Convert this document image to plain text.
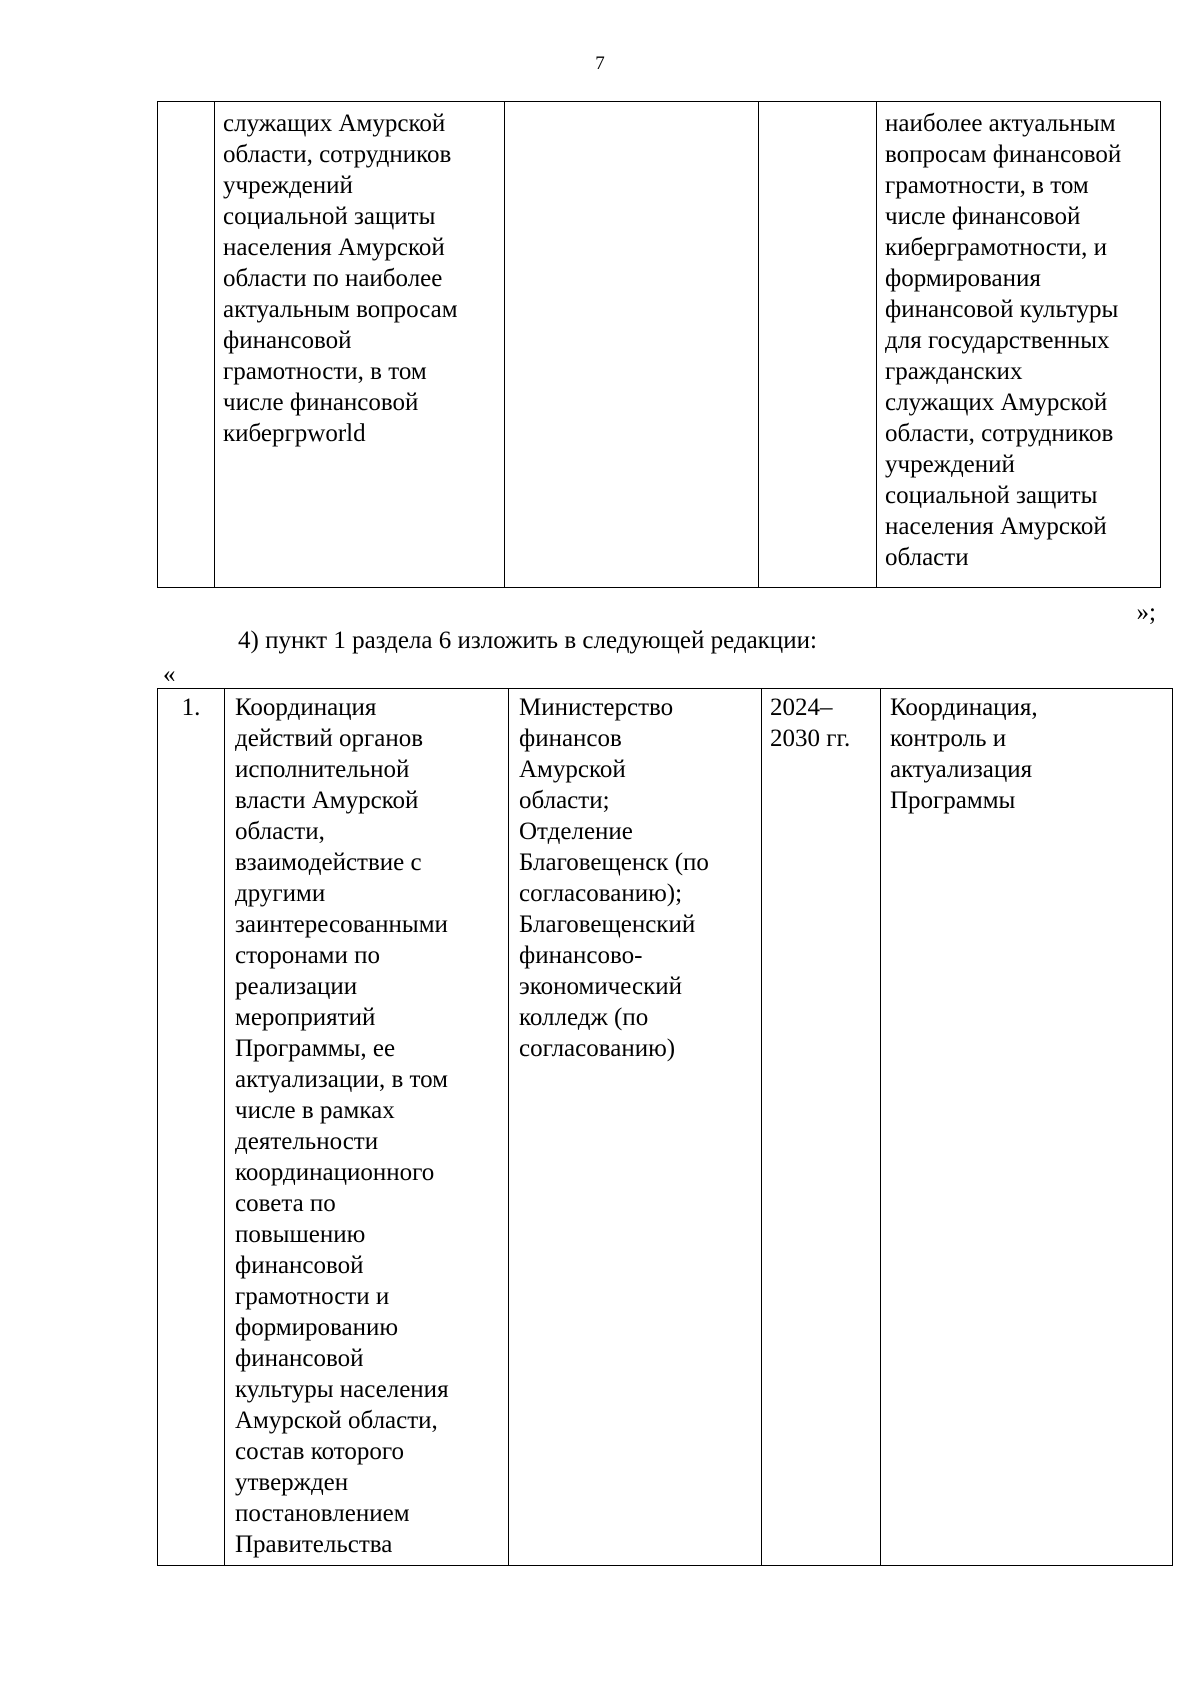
7
	служащих Амурской
области, сотрудников
учреждений
социальной защиты
населения Амурской
области по наиболее
актуальным вопросам
финансовой
грамотности, в том
числе финансовой
кибергрworld			наиболее актуальным
вопросам финансовой
грамотности, в том
числе финансовой
киберграмотности, и
формирования
финансовой культуры
для государственных
гражданских
служащих Амурской
области, сотрудников
учреждений
социальной защиты
населения Амурской
области
»;
4) пункт 1 раздела 6 изложить в следующей редакции:
«
1.	Координация
действий органов
исполнительной
власти Амурской
области,
взаимодействие с
другими
заинтересованными
сторонами по
реализации
мероприятий
Программы, ее
актуализации, в том
числе в рамках
деятельности
координационного
совета по
повышению
финансовой
грамотности и
формированию
финансовой
культуры населения
Амурской области,
состав которого
утвержден
постановлением
Правительства	Министерство
финансов
Амурской
области;
Отделение
Благовещенск (по
согласованию);
Благовещенский
финансово-
экономический
колледж (по
согласованию)	2024–
2030 гг.	Координация,
контроль и
актуализация
Программы
